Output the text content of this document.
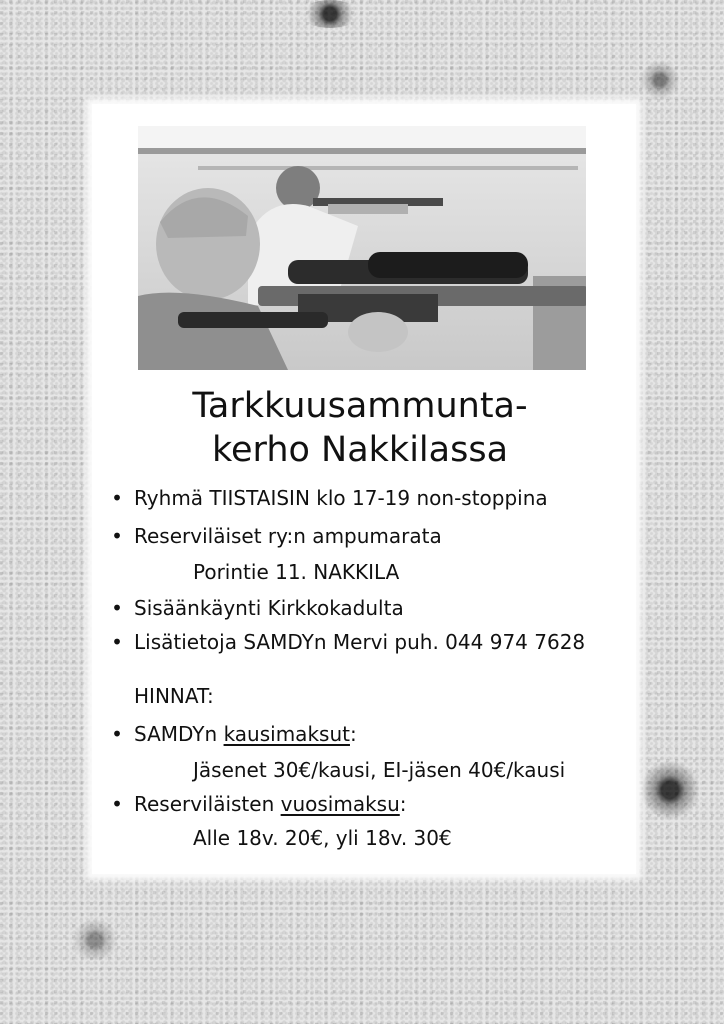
Tarkkuusammunta-
kerho Nakkilassa
• Ryhmä TIISTAISIN klo 17-19 non-stoppina
• Reserviläiset ry:n ampumarata
Porintie 11. NAKKILA
• Sisäänkäynti Kirkkokadulta
• Lisätietoja SAMDYn Mervi puh. 044 974 7628
HINNAT:
• SAMDYn kausimaksut:
Jäsenet 30€/kausi, EI-jäsen 40€/kausi
• Reserviläisten vuosimaksu:
Alle 18v. 20€, yli 18v. 30€
